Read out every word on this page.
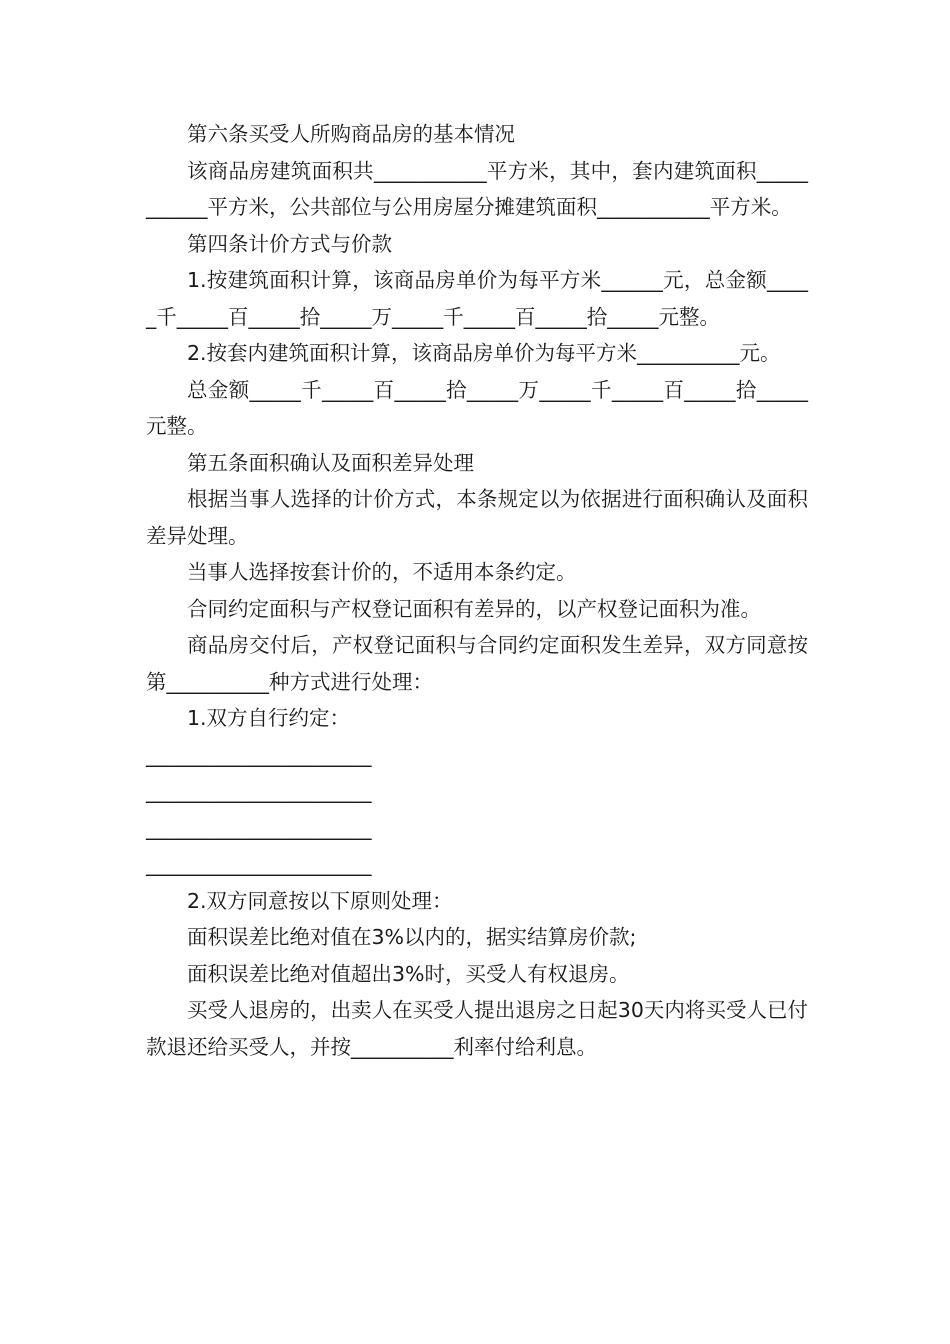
第六条买受人所购商品房的基本情况

该商品房建筑面积共___________平方米，其中，套内建筑面积___________平方米，公共部位与公用房屋分摊建筑面积___________平方米。

第四条计价方式与价款

1.按建筑面积计算，该商品房单价为每平方米______元，总金额_____千_____百_____拾_____万_____千_____百_____拾_____元整。

2.按套内建筑面积计算，该商品房单价为每平方米__________元。

总金额_____千_____百_____拾_____万_____千_____百_____拾_____元整。

第五条面积确认及面积差异处理

根据当事人选择的计价方式，本条规定以为依据进行面积确认及面积差异处理。

当事人选择按套计价的，不适用本条约定。

合同约定面积与产权登记面积有差异的，以产权登记面积为准。

商品房交付后，产权登记面积与合同约定面积发生差异，双方同意按第__________种方式进行处理：

1.双方自行约定：

______________________

______________________

______________________

______________________

2.双方同意按以下原则处理：

面积误差比绝对值在3%以内的，据实结算房价款;

面积误差比绝对值超出3%时，买受人有权退房。

买受人退房的，出卖人在买受人提出退房之日起30天内将买受人已付款退还给买受人，并按__________利率付给利息。
